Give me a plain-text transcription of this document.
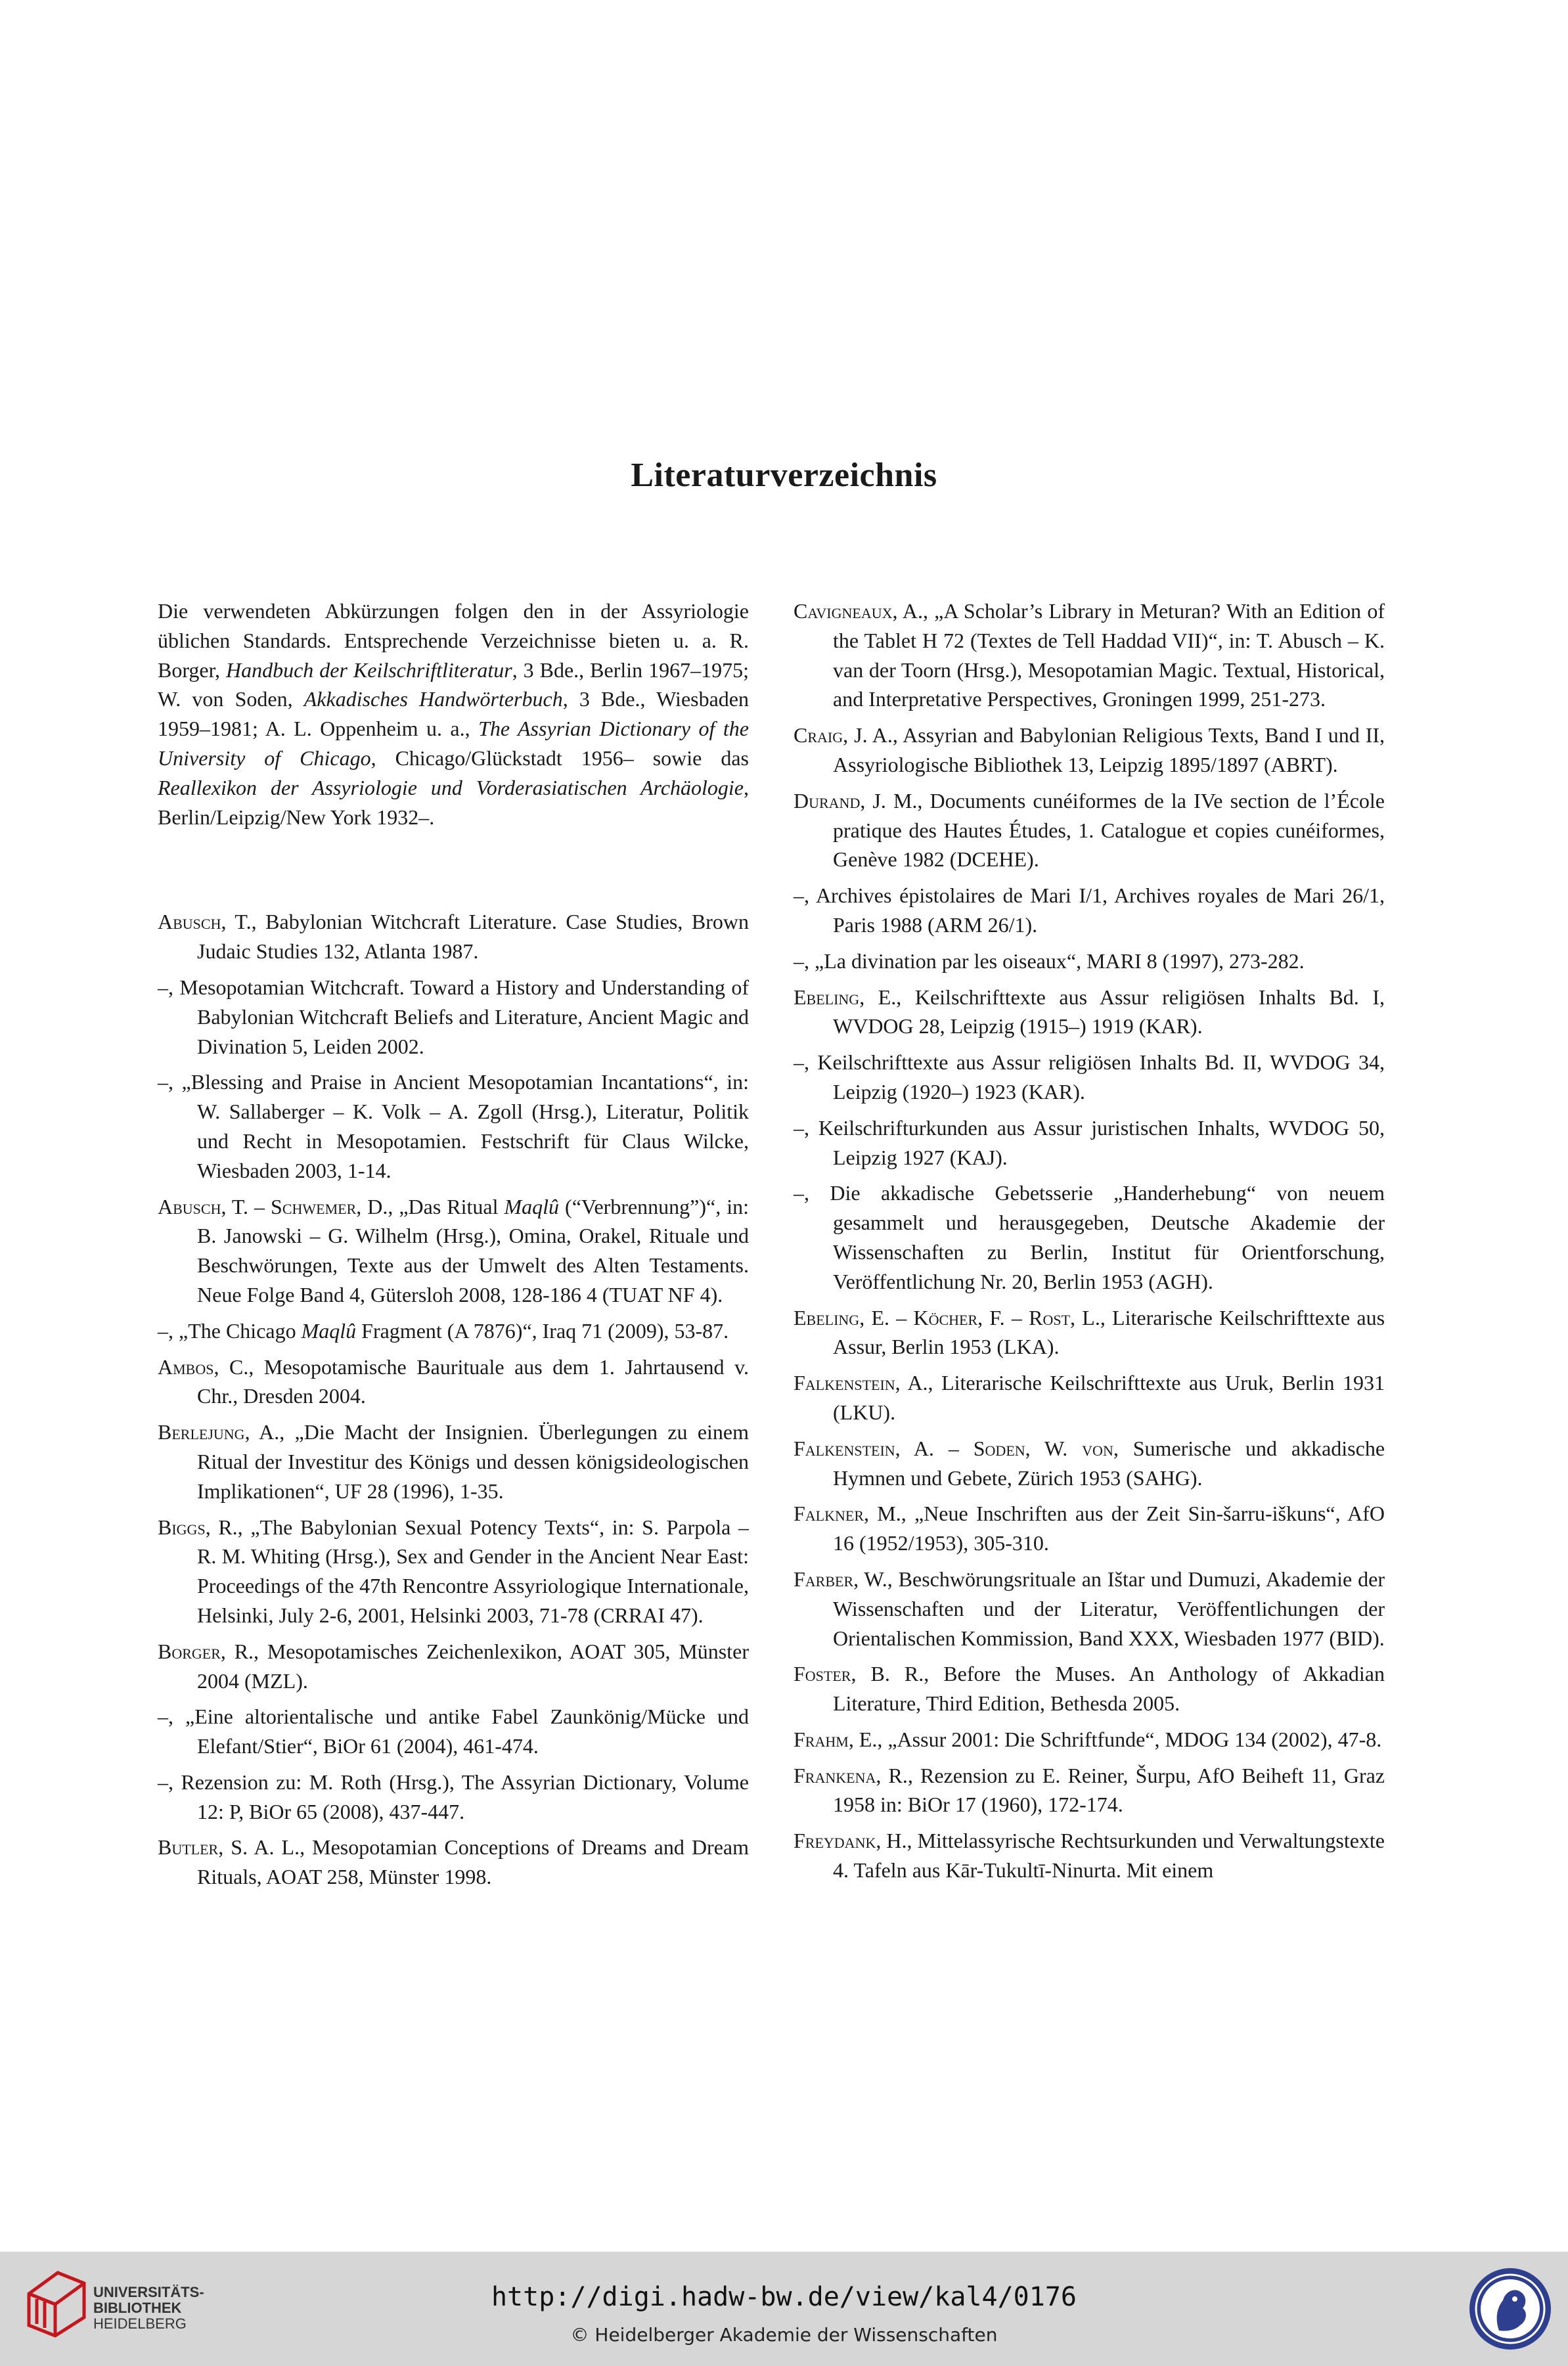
Literaturverzeichnis

Die verwendeten Abkürzungen folgen den in der Assyriologie üblichen Standards. Entsprechende Verzeichnisse bieten u. a. R. Borger, Handbuch der Keilschriftliteratur, 3 Bde., Berlin 1967–1975; W. von Soden, Akkadisches Handwörterbuch, 3 Bde., Wiesbaden 1959–1981; A. L. Oppenheim u. a., The Assyrian Dictionary of the University of Chicago, Chicago/Glückstadt 1956– sowie das Reallexikon der Assyriologie und Vorderasiatischen Archäologie, Berlin/Leipzig/New York 1932–.

Abusch, T., Babylonian Witchcraft Literature. Case Studies, Brown Judaic Studies 132, Atlanta 1987.

–, Mesopotamian Witchcraft. Toward a History and Understanding of Babylonian Witchcraft Beliefs and Literature, Ancient Magic and Divination 5, Leiden 2002.

–, „Blessing and Praise in Ancient Mesopotamian Incantations“, in: W. Sallaberger – K. Volk – A. Zgoll (Hrsg.), Literatur, Politik und Recht in Mesopotamien. Festschrift für Claus Wilcke, Wiesbaden 2003, 1-14.

Abusch, T. – Schwemer, D., „Das Ritual Maqlû (“Verbrennung”)“, in: B. Janowski – G. Wilhelm (Hrsg.), Omina, Orakel, Rituale und Beschwörungen, Texte aus der Umwelt des Alten Testaments. Neue Folge Band 4, Gütersloh 2008, 128-186 4 (TUAT NF 4).

–, „The Chicago Maqlû Fragment (A 7876)“, Iraq 71 (2009), 53-87.

Ambos, C., Mesopotamische Baurituale aus dem 1. Jahrtausend v. Chr., Dresden 2004.

Berlejung, A., „Die Macht der Insignien. Überlegungen zu einem Ritual der Investitur des Königs und dessen königsideologischen Implikationen“, UF 28 (1996), 1-35.

Biggs, R., „The Babylonian Sexual Potency Texts“, in: S. Parpola – R. M. Whiting (Hrsg.), Sex and Gender in the Ancient Near East: Proceedings of the 47th Rencontre Assyriologique Internationale, Helsinki, July 2-6, 2001, Helsinki 2003, 71-78 (CRRAI 47).

Borger, R., Mesopotamisches Zeichenlexikon, AOAT 305, Münster 2004 (MZL).

–, „Eine altorientalische und antike Fabel Zaunkönig/Mücke und Elefant/Stier“, BiOr 61 (2004), 461-474.

–, Rezension zu: M. Roth (Hrsg.), The Assyrian Dictionary, Volume 12: P, BiOr 65 (2008), 437-447.

Butler, S. A. L., Mesopotamian Conceptions of Dreams and Dream Rituals, AOAT 258, Münster 1998.

Cavigneaux, A., „A Scholar’s Library in Meturan? With an Edition of the Tablet H 72 (Textes de Tell Haddad VII)“, in: T. Abusch – K. van der Toorn (Hrsg.), Mesopotamian Magic. Textual, Historical, and Interpretative Perspectives, Groningen 1999, 251-273.

Craig, J. A., Assyrian and Babylonian Religious Texts, Band I und II, Assyriologische Bibliothek 13, Leipzig 1895/1897 (ABRT).

Durand, J. M., Documents cunéiformes de la IVe section de l’École pratique des Hautes Études, 1. Catalogue et copies cunéiformes, Genève 1982 (DCEHE).

–, Archives épistolaires de Mari I/1, Archives royales de Mari 26/1, Paris 1988 (ARM 26/1).

–, „La divination par les oiseaux“, MARI 8 (1997), 273-282.

Ebeling, E., Keilschrifttexte aus Assur religiösen Inhalts Bd. I, WVDOG 28, Leipzig (1915–) 1919 (KAR).

–, Keilschrifttexte aus Assur religiösen Inhalts Bd. II, WVDOG 34, Leipzig (1920–) 1923 (KAR).

–, Keilschrifturkunden aus Assur juristischen Inhalts, WVDOG 50, Leipzig 1927 (KAJ).

–, Die akkadische Gebetsserie „Handerhebung“ von neuem gesammelt und herausgegeben, Deutsche Akademie der Wissenschaften zu Berlin, Institut für Orientforschung, Veröffentlichung Nr. 20, Berlin 1953 (AGH).

Ebeling, E. – Köcher, F. – Rost, L., Literarische Keilschrifttexte aus Assur, Berlin 1953 (LKA).

Falkenstein, A., Literarische Keilschrifttexte aus Uruk, Berlin 1931 (LKU).

Falkenstein, A. – Soden, W. von, Sumerische und akkadische Hymnen und Gebete, Zürich 1953 (SAHG).

Falkner, M., „Neue Inschriften aus der Zeit Sin-šarru-iškuns“, AfO 16 (1952/1953), 305-310.

Farber, W., Beschwörungsrituale an Ištar und Dumuzi, Akademie der Wissenschaften und der Literatur, Veröffentlichungen der Orientalischen Kommission, Band XXX, Wiesbaden 1977 (BID).

Foster, B. R., Before the Muses. An Anthology of Akkadian Literature, Third Edition, Bethesda 2005.

Frahm, E., „Assur 2001: Die Schriftfunde“, MDOG 134 (2002), 47-8.

Frankena, R., Rezension zu E. Reiner, Šurpu, AfO Beiheft 11, Graz 1958 in: BiOr 17 (1960), 172-174.

Freydank, H., Mittelassyrische Rechtsurkunden und Verwaltungstexte 4. Tafeln aus Kār-Tukultī-Ninurta. Mit einem

UNIVERSITÄTS-
BIBLIOTHEK
HEIDELBERG
http://digi.hadw-bw.de/view/kal4/0176
© Heidelberger Akademie der Wissenschaften
